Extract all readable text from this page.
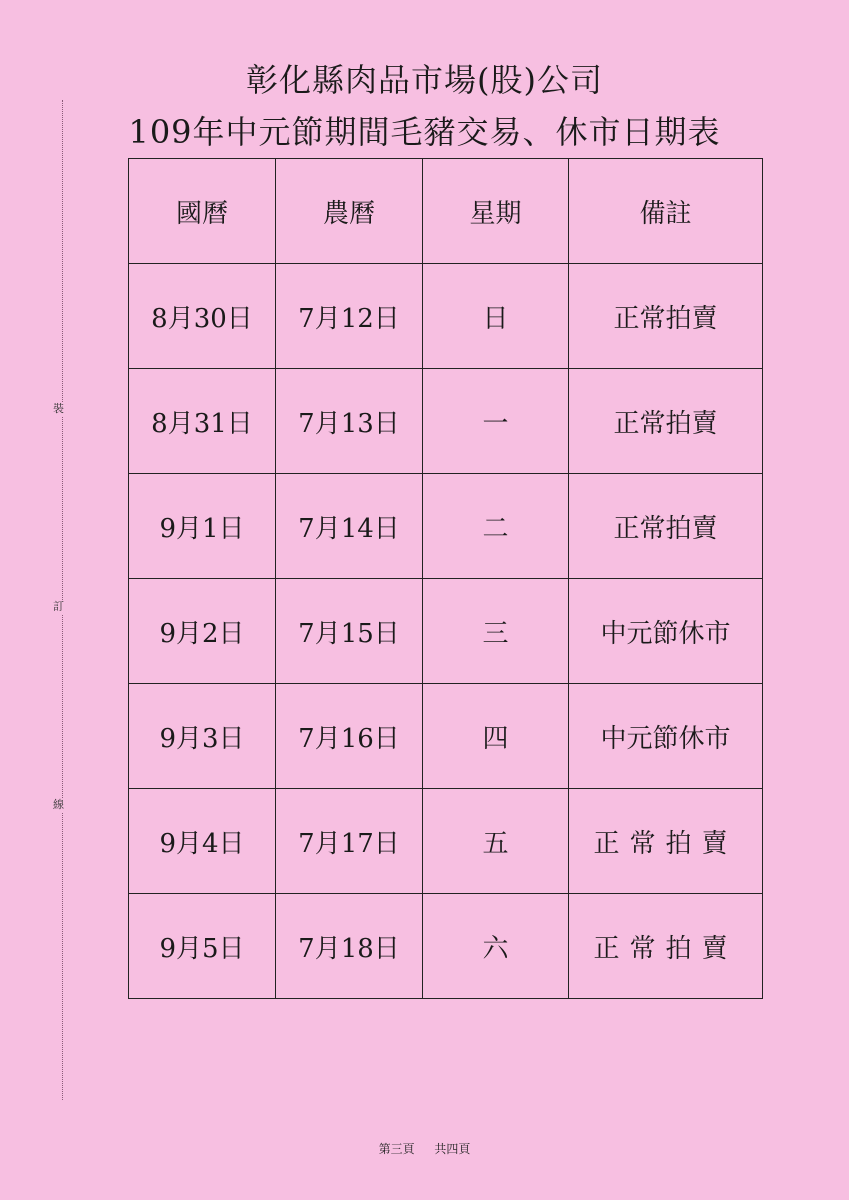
裝
訂
線
彰化縣肉品市場(股)公司
109年中元節期間毛豬交易、休市日期表
國曆	農曆	星期	備註
8月30日	7月12日	日	正常拍賣
8月31日	7月13日	一	正常拍賣
9月1日	7月14日	二	正常拍賣
9月2日	7月15日	三	中元節休市
9月3日	7月16日	四	中元節休市
9月4日	7月17日	五	正常拍賣
9月5日	7月18日	六	正常拍賣
第三頁 共四頁
